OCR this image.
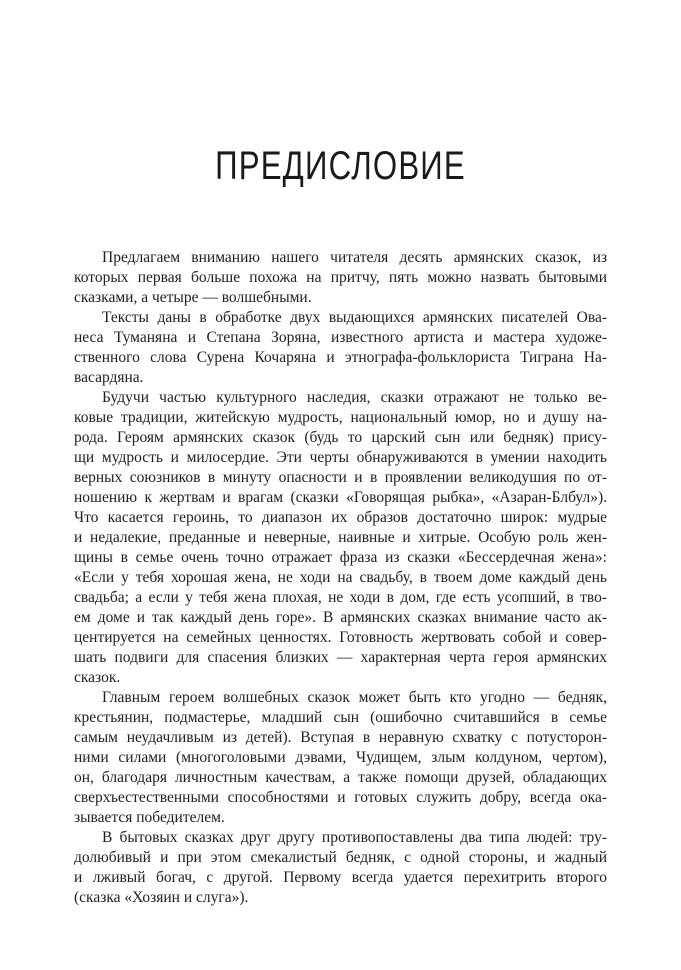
ПРЕДИСЛОВИЕ
Предлагаем вниманию нашего читателя десять армянских сказок, из
которых первая больше похожа на притчу, пять можно назвать бытовыми
сказками, а четыре — волшебными.
Тексты даны в обработке двух выдающихся армянских писателей Ова-
неса Туманяна и Степана Зоряна, известного артиста и мастера художе-
ственного слова Сурена Кочаряна и этнографа-фольклориста Тиграна На-
васардяна.
Будучи частью культурного наследия, сказки отражают не только ве-
ковые традиции, житейскую мудрость, национальный юмор, но и душу на-
рода. Героям армянских сказок (будь то царский сын или бедняк) прису-
щи мудрость и милосердие. Эти черты обнаруживаются в умении находить
верных союзников в минуту опасности и в проявлении великодушия по от-
ношению к жертвам и врагам (сказки «Говорящая рыбка», «Азаран-Блбул»).
Что касается героинь, то диапазон их образов достаточно широк: мудрые
и недалекие, преданные и неверные, наивные и хитрые. Особую роль жен-
щины в семье очень точно отражает фраза из сказки «Бессердечная жена»:
«Если у тебя хорошая жена, не ходи на свадьбу, в твоем доме каждый день
свадьба; а если у тебя жена плохая, не ходи в дом, где есть усопший, в тво-
ем доме и так каждый день горе». В армянских сказках внимание часто ак-
центируется на семейных ценностях. Готовность жертвовать собой и совер-
шать подвиги для спасения близких — характерная черта героя армянских
сказок.
Главным героем волшебных сказок может быть кто угодно — бедняк,
крестьянин, подмастерье, младший сын (ошибочно считавшийся в семье
самым неудачливым из детей). Вступая в неравную схватку с потусторон-
ними силами (многоголовыми дэвами, Чудищем, злым колдуном, чертом),
он, благодаря личностным качествам, а также помощи друзей, обладающих
сверхъестественными способностями и готовых служить добру, всегда ока-
зывается победителем.
В бытовых сказках друг другу противопоставлены два типа людей: тру-
долюбивый и при этом смекалистый бедняк, с одной стороны, и жадный
и лживый богач, с другой. Первому всегда удается перехитрить второго
(сказка «Хозяин и слуга»).
